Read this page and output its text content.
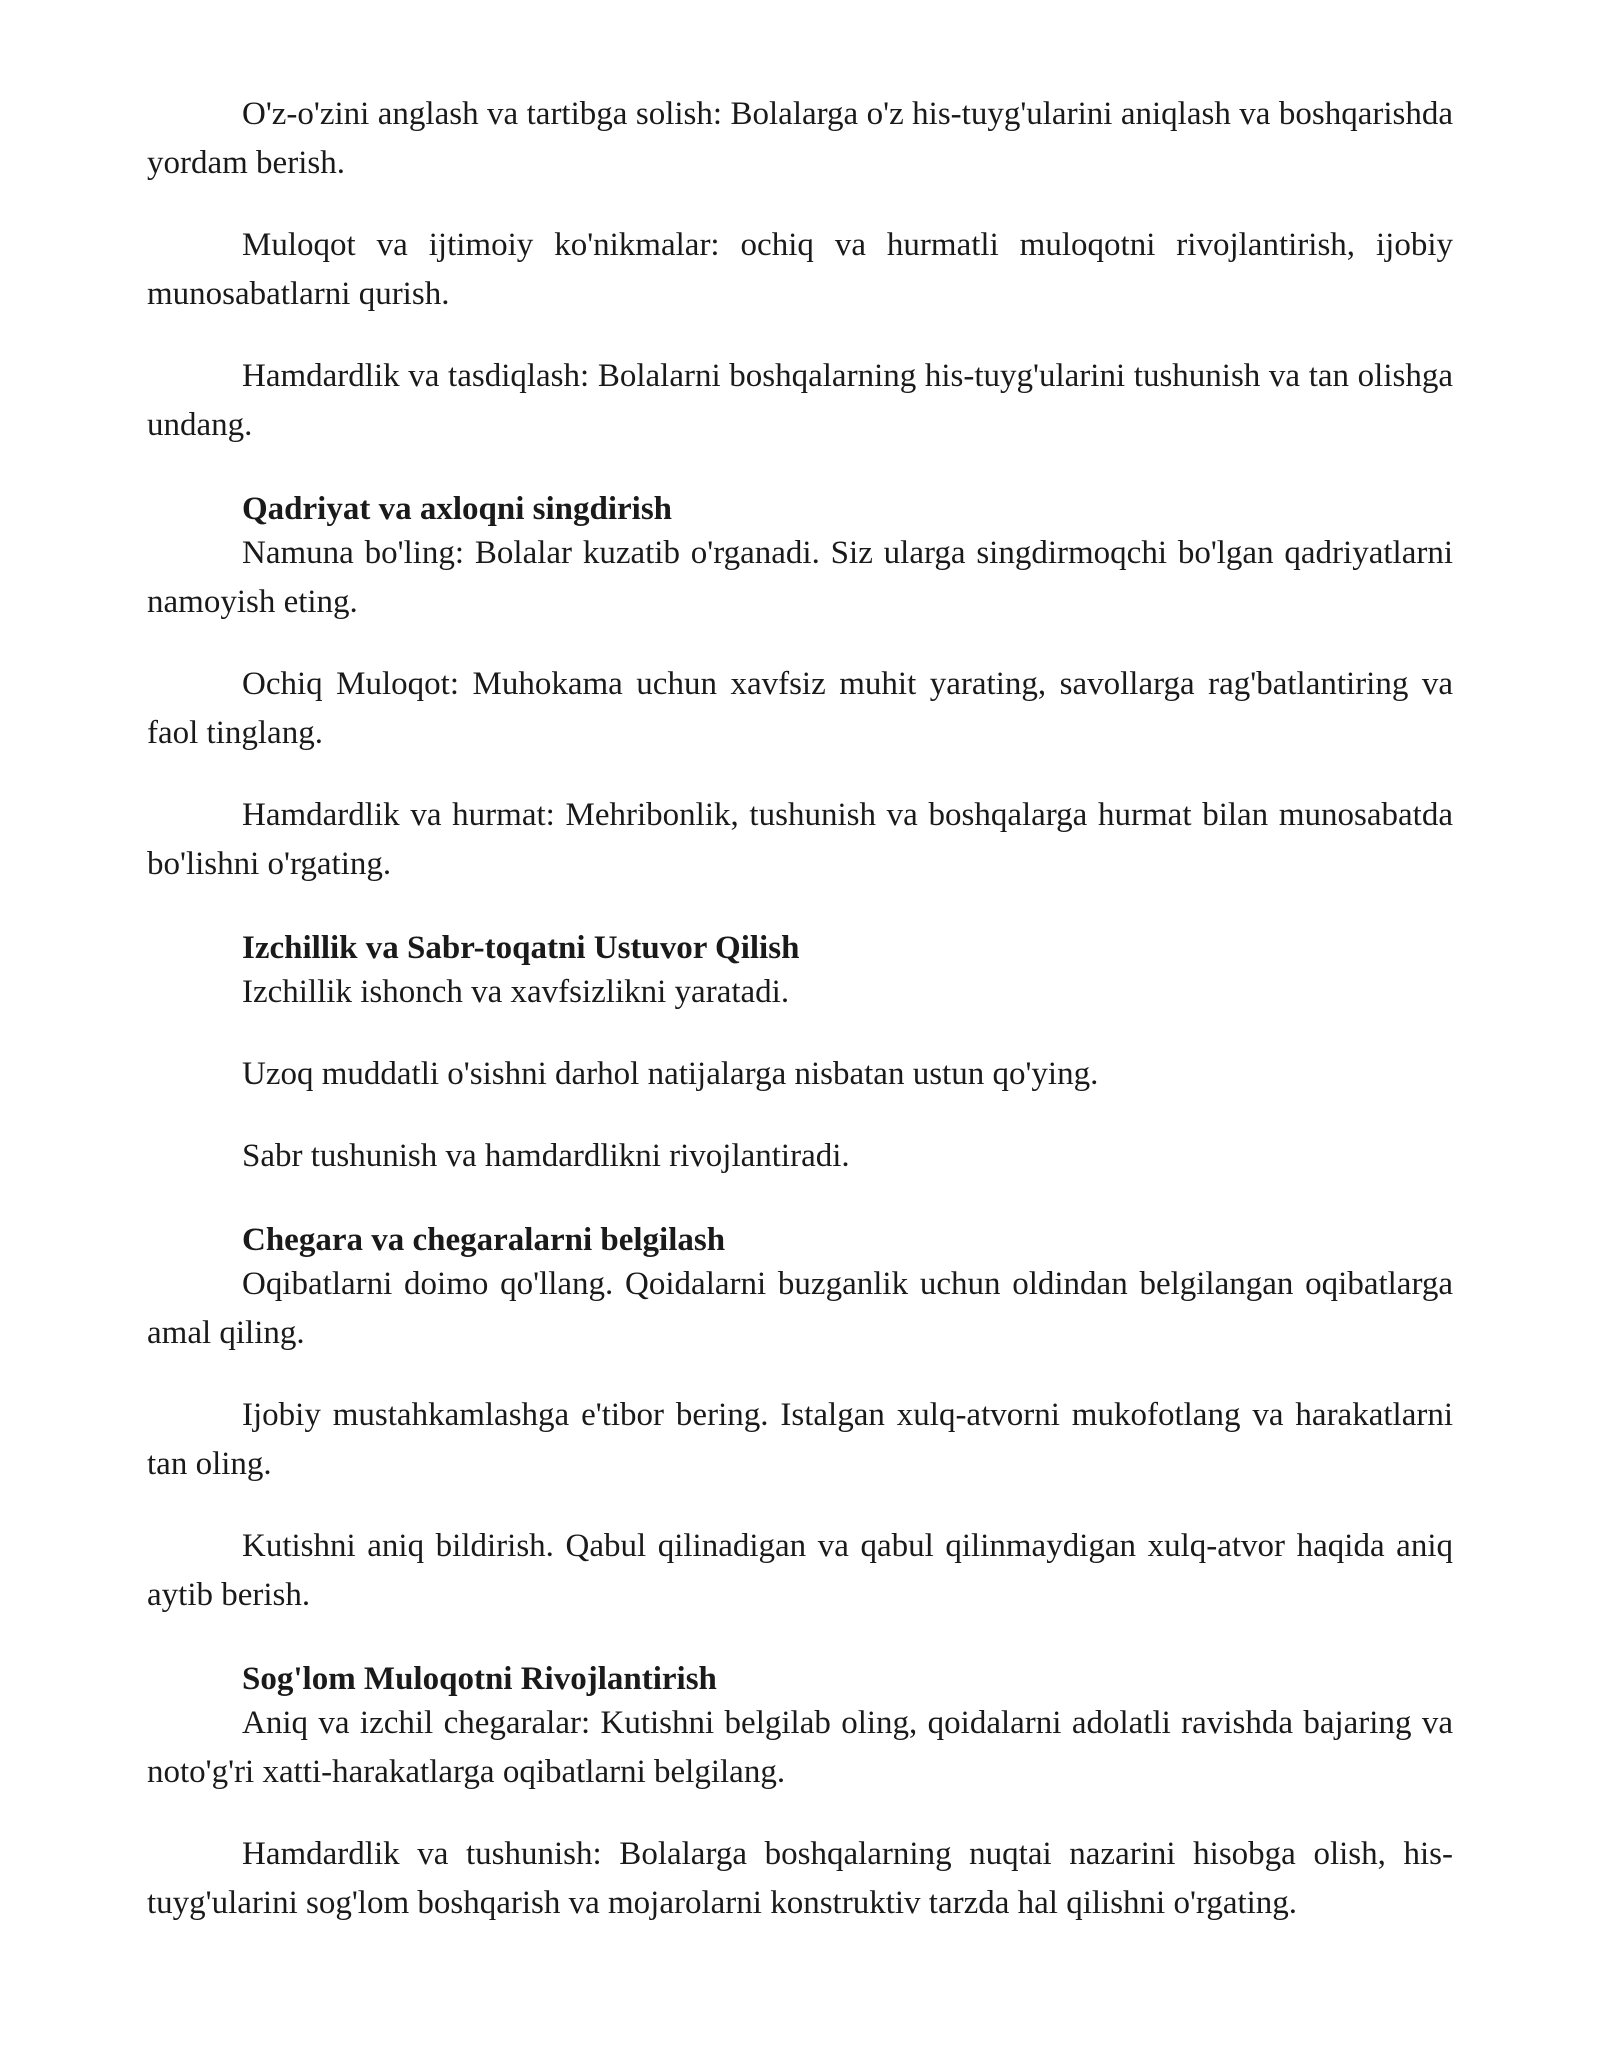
O'z-o'zini anglash va tartibga solish: Bolalarga o'z his-tuyg'ularini aniqlash va boshqarishda yordam berish.

Muloqot va ijtimoiy ko'nikmalar: ochiq va hurmatli muloqotni rivojlantirish, ijobiy munosabatlarni qurish.

Hamdardlik va tasdiqlash: Bolalarni boshqalarning his-tuyg'ularini tushunish va tan olishga undang.

Qadriyat va axloqni singdirish

Namuna bo'ling: Bolalar kuzatib o'rganadi. Siz ularga singdirmoqchi bo'lgan qadriyatlarni namoyish eting.

Ochiq Muloqot: Muhokama uchun xavfsiz muhit yarating, savollarga rag'batlantiring va faol tinglang.

Hamdardlik va hurmat: Mehribonlik, tushunish va boshqalarga hurmat bilan munosabatda bo'lishni o'rgating.

Izchillik va Sabr-toqatni Ustuvor Qilish

Izchillik ishonch va xavfsizlikni yaratadi.

Uzoq muddatli o'sishni darhol natijalarga nisbatan ustun qo'ying.

Sabr tushunish va hamdardlikni rivojlantiradi.

Chegara va chegaralarni belgilash

Oqibatlarni doimo qo'llang. Qoidalarni buzganlik uchun oldindan belgilangan oqibatlarga amal qiling.

Ijobiy mustahkamlashga e'tibor bering. Istalgan xulq-atvorni mukofotlang va harakatlarni tan oling.

Kutishni aniq bildirish. Qabul qilinadigan va qabul qilinmaydigan xulq-atvor haqida aniq aytib berish.

Sog'lom Muloqotni Rivojlantirish

Aniq va izchil chegaralar: Kutishni belgilab oling, qoidalarni adolatli ravishda bajaring va noto'g'ri xatti-harakatlarga oqibatlarni belgilang.

Hamdardlik va tushunish: Bolalarga boshqalarning nuqtai nazarini hisobga olish, his-tuyg'ularini sog'lom boshqarish va mojarolarni konstruktiv tarzda hal qilishni o'rgating.
